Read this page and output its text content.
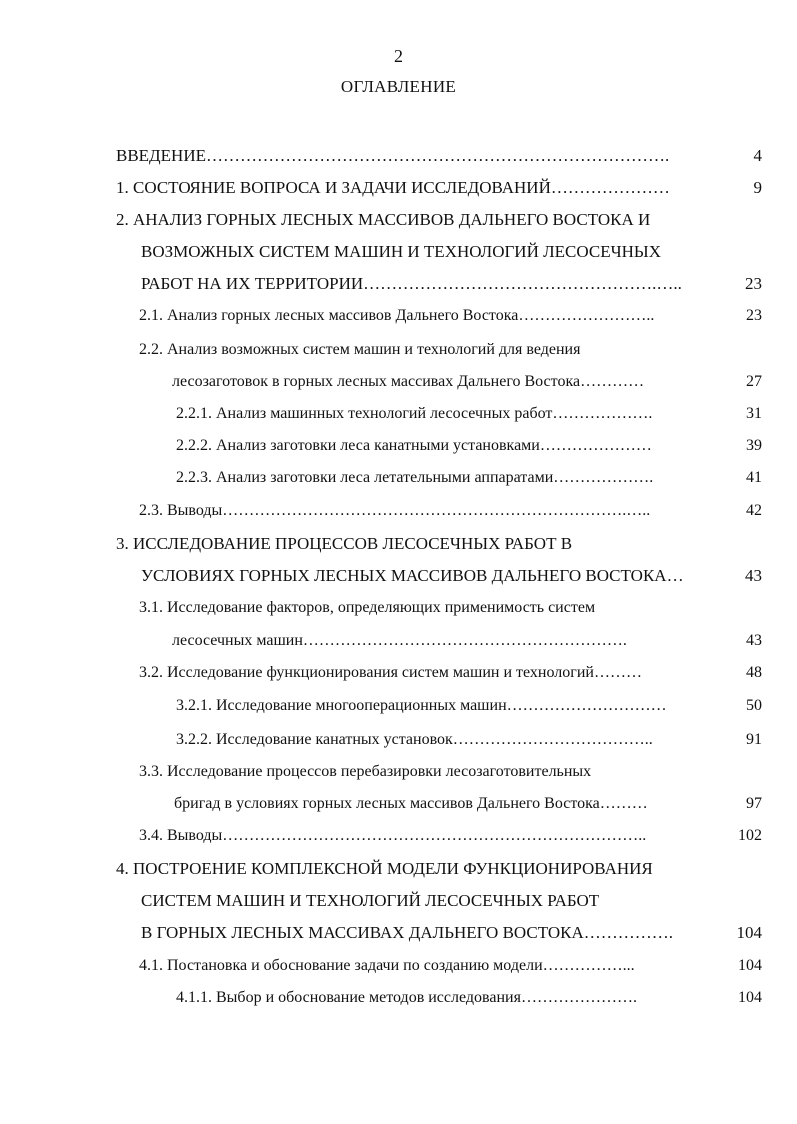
2
ОГЛАВЛЕНИЕ
ВВЕДЕНИЕ……………………………………………………………………….	4
1. СОСТОЯНИЕ ВОПРОСА И ЗАДАЧИ ИССЛЕДОВАНИЙ…………………	9
2. АНАЛИЗ ГОРНЫХ ЛЕСНЫХ МАССИВОВ ДАЛЬНЕГО ВОСТОКА И
ВОЗМОЖНЫХ СИСТЕМ МАШИН И ТЕХНОЛОГИЙ ЛЕСОСЕЧНЫХ
РАБОТ НА ИХ ТЕРРИТОРИИ…………………………………………….…..	23
2.1. Анализ горных лесных массивов Дальнего Востока……………………..	23
2.2. Анализ возможных систем машин и технологий для ведения
лесозаготовок в горных лесных массивах Дальнего Востока…………	27
2.2.1. Анализ машинных технологий лесосечных работ……………….	31
2.2.2. Анализ заготовки леса канатными установками…………………	39
2.2.3. Анализ заготовки леса летательными аппаратами……………….	41
2.3. Выводы………………………………………………………………….…..	42
3. ИССЛЕДОВАНИЕ ПРОЦЕССОВ ЛЕСОСЕЧНЫХ РАБОТ В
УСЛОВИЯХ ГОРНЫХ ЛЕСНЫХ МАССИВОВ ДАЛЬНЕГО ВОСТОКА…	43
3.1. Исследование факторов, определяющих применимость систем
лесосечных машин…………………………………………………….	43
3.2. Исследование функционирования систем машин и технологий………	48
3.2.1. Исследование многооперационных машин…………………………	50
3.2.2. Исследование канатных установок………………………………..	91
3.3. Исследование процессов перебазировки лесозаготовительных
бригад в условиях горных лесных массивов Дальнего Востока………	97
3.4. Выводы……………………………………………………………………..	102
4. ПОСТРОЕНИЕ КОМПЛЕКСНОЙ МОДЕЛИ ФУНКЦИОНИРОВАНИЯ
СИСТЕМ МАШИН И ТЕХНОЛОГИЙ ЛЕСОСЕЧНЫХ РАБОТ
В ГОРНЫХ ЛЕСНЫХ МАССИВАХ ДАЛЬНЕГО ВОСТОКА…………….	104
4.1. Постановка и обоснование задачи по созданию модели……………...	104
4.1.1. Выбор и обоснование методов исследования………………….	104
